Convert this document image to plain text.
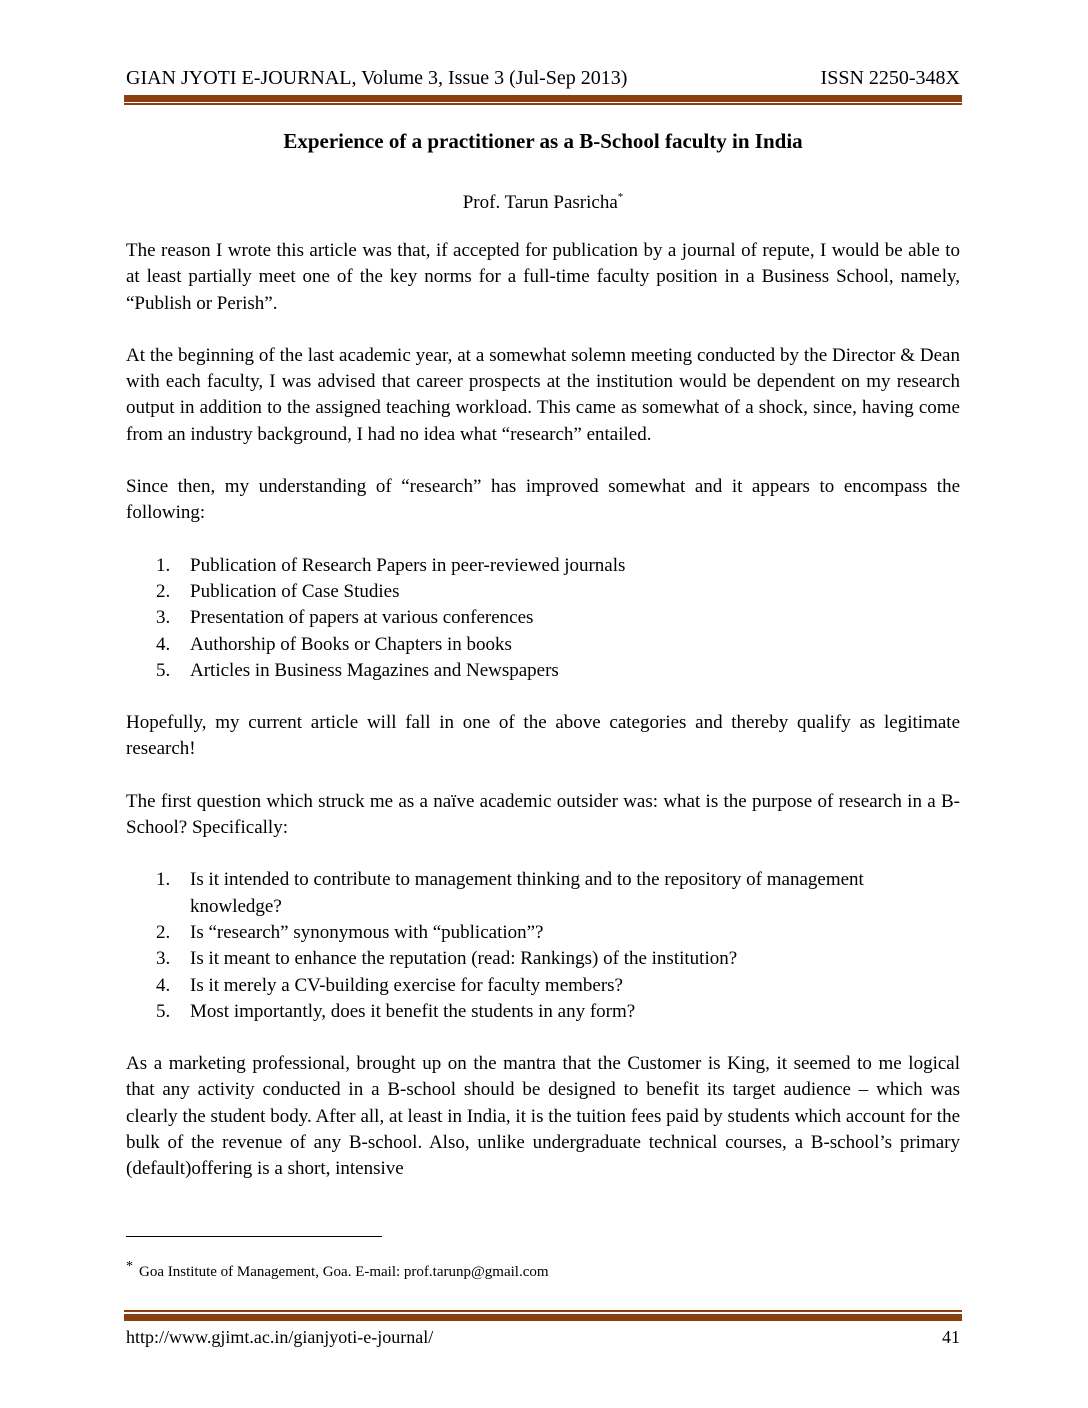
GIAN JYOTI E-JOURNAL, Volume 3, Issue 3 (Jul-Sep 2013)	ISSN 2250-348X
Experience of a practitioner as a B-School faculty in India
Prof. Tarun Pasricha*

The reason I wrote this article was that, if accepted for publication by a journal of repute, I would be able to at least partially meet one of the key norms for a full-time faculty position in a Business School, namely, “Publish or Perish”.

At the beginning of the last academic year, at a somewhat solemn meeting conducted by the Director & Dean with each faculty, I was advised that career prospects at the institution would be dependent on my research output in addition to the assigned teaching workload. This came as somewhat of a shock, since, having come from an industry background, I had no idea what “research” entailed.

Since then, my understanding of “research” has improved somewhat and it appears to encompass the following:

1. Publication of Research Papers in peer-reviewed journals
2. Publication of Case Studies
3. Presentation of papers at various conferences
4. Authorship of Books or Chapters in books
5. Articles in Business Magazines and Newspapers

Hopefully, my current article will fall in one of the above categories and thereby qualify as legitimate research!

The first question which struck me as a naïve academic outsider was: what is the purpose of research in a B-School? Specifically:

1. Is it intended to contribute to management thinking and to the repository of management knowledge?
2. Is “research” synonymous with “publication”?
3. Is it meant to enhance the reputation (read: Rankings) of the institution?
4. Is it merely a CV-building exercise for faculty members?
5. Most importantly, does it benefit the students in any form?

As a marketing professional, brought up on the mantra that the Customer is King, it seemed to me logical that any activity conducted in a B-school should be designed to benefit its target audience – which was clearly the student body. After all, at least in India, it is the tuition fees paid by students which account for the bulk of the revenue of any B-school. Also, unlike undergraduate technical courses, a B-school’s primary (default)offering is a short, intensive

* Goa Institute of Management, Goa. E-mail: prof.tarunp@gmail.com
http://www.gjimt.ac.in/gianjyoti-e-journal/	41
